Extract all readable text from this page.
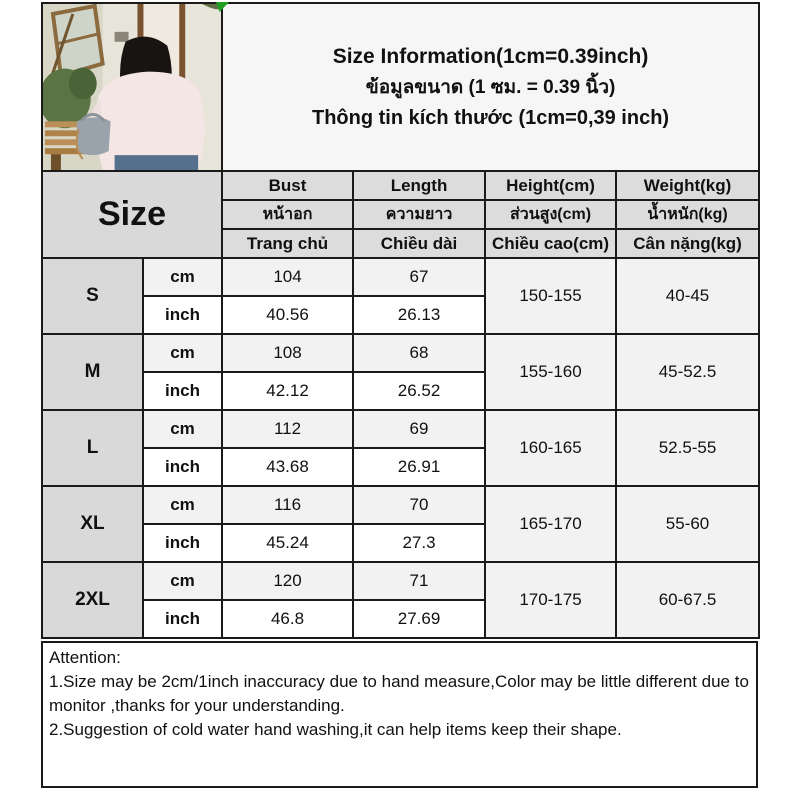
Size Information(1cm=0.39inch)
ข้อมูลขนาด (1 ซม. = 0.39 นิ้ว)
Thông tin kích thước (1cm=0,39 inch)			

Size		Bust	Length	Height(cm)	Weight(kg)
		หน้าอก	ความยาว	ส่วนสูง(cm)	น้ำหนัก(kg)
		Trang chủ	Chiều dài	Chiều cao(cm)	Cân nặng(kg)
S	cm	104	67	150-155	40-45
	inch	40.56	26.13		
M	cm	108	68	155-160	45-52.5
	inch	42.12	26.52		
L	cm	112	69	160-165	52.5-55
	inch	43.68	26.91		
XL	cm	116	70	165-170	55-60
	inch	45.24	27.3		
2XL	cm	120	71	170-175	60-67.5
	inch	46.8	27.69		

Attention:

1.Size may be 2cm/1inch inaccuracy due to hand measure,Color may be little different due to monitor ,thanks for your understanding.

2.Suggestion of cold water hand washing,it can help items keep their shape.
